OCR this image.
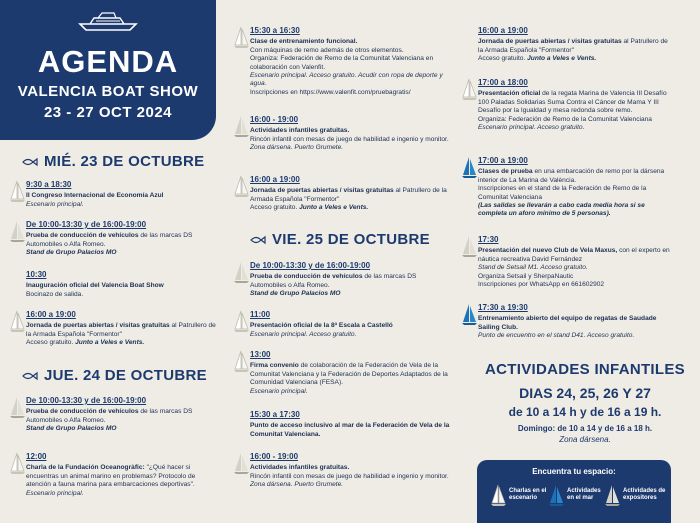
AGENDA
VALENCIA BOAT SHOW
23 - 27 OCT 2024
MIÉ. 23 DE OCTUBRE
JUE. 24 DE OCTUBRE
VIE. 25 DE OCTUBRE
9:30 a 18:30
II Congreso Internacional de Economía Azul
Escenario principal.
De 10:00-13:30 y de 16:00-19:00
Prueba de conducción de vehículos de las marcas DS Automobiles o Alfa Romeo.
Stand de Grupo Palacios MO
10:30
Inauguración oficial del Valencia Boat Show
Bocinazo de salida.
16:00 a 19:00
Jornada de puertas abiertas / visitas gratuitas al Patrullero de la Armada Española "Formentor"
Acceso gratuito. Junto a Veles e Vents.
De 10:00-13:30 y de 16:00-19:00
Prueba de conducción de vehículos de las marcas DS Automobiles o Alfa Romeo.
Stand de Grupo Palacios MO
12:00
Charla de la Fundación Oceanogràfic: "¿Qué hacer si encuentras un animal marino en problemas? Protocolo de atención a fauna marina para embarcaciones deportivas".
Escenario principal.
15:30 a 16:30
Clase de entrenamiento funcional.
Con máquinas de remo además de otros elementos.
Organiza: Federación de Remo de la Comunitat Valenciana en colaboración con Valenfit.
Escenario principal. Acceso gratuito. Acudir con ropa de deporte y agua.
Inscripciones en https://www.valenfit.com/pruebagratis/
16:00 - 19:00
Actividades infantiles gratuitas.
Rincón infantil con mesas de juego de habilidad e ingenio y monitor.
Zona dársena. Puerto Grumete.
16:00 a 19:00
Jornada de puertas abiertas / visitas gratuitas al Patrullero de la Armada Española "Formentor"
Acceso gratuito. Junto a Veles e Vents.
De 10:00-13:30 y de 16:00-19:00
Prueba de conducción de vehículos de las marcas DS Automobiles o Alfa Romeo.
Stand de Grupo Palacios MO
11:00
Presentación oficial de la 8ª Escala a Castelló
Escenario principal. Acceso gratuito.
13:00
Firma convenio de colaboración de la Federación de Vela de la Comunitat Valenciana y la Federación de Deportes Adaptados de la Comunidad Valenciana (FESA).
Escenario principal.
15:30 a 17:30
Punto de acceso inclusivo al mar de la Federación de Vela de la Comunitat Valenciana.
16:00 - 19:00
Actividades infantiles gratuitas.
Rincón infantil con mesas de juego de habilidad e ingenio y monitor.
Zona dársena. Puerto Grumete.
16:00 a 19:00
Jornada de puertas abiertas / visitas gratuitas al Patrullero de la Armada Española "Formentor"
Acceso gratuito. Junto a Veles e Vents.
17:00 a 18:00
Presentación oficial de la regata Marina de Valencia III Desafío 100 Paladas Solidarias Suma Contra el Cáncer de Mama Y III Desafío por la Igualdad y mesa redonda sobre remo.
Organiza: Federación de Remo de la Comunitat Valenciana
Escenario principal. Acceso gratuito.
17:00 a 19:00
Clases de prueba en una embarcación de remo por la dársena interior de La Marina de València.
Inscripciones en el stand de la Federación de Remo de la Comunitat Valenciana
(Las salidas se llevarán a cabo cada media hora si se completa un aforo mínimo de 5 personas).
17:30
Presentación del nuevo Club de Vela Maxus, con el experto en náutica recreativa David Fernández
Stand de Setsail M1. Acceso gratuito.
Organiza Setsail y SherpaNautic
Inscripciones por WhatsApp en 661602902
17:30 a 19:30
Entrenamiento abierto del equipo de regatas de Saudade Sailing Club.
Punto de encuentro en el stand D41. Acceso gratuito.
ACTIVIDADES INFANTILES
DIAS 24, 25, 26 Y 27
de 10 a 14 h y de 16 a 19 h.
Domingo: de 10 a 14 y de 16 a 18 h.
Zona dársena.
Encuentra tu espacio:
Charlas en el escenario
Actividades en el mar
Actividades de expositores
